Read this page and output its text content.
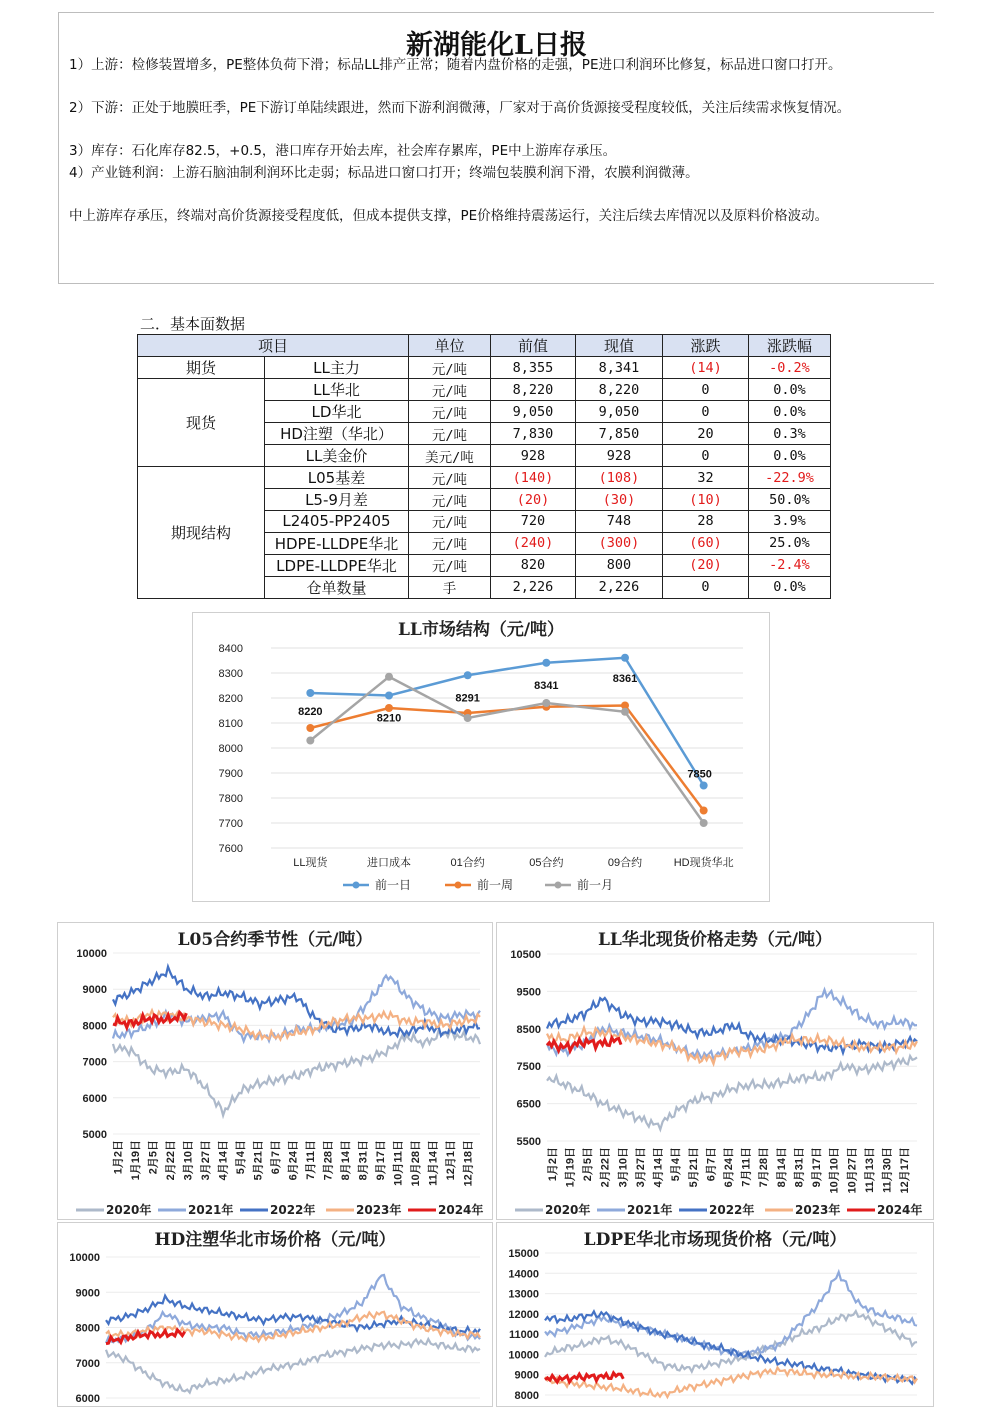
新湖能化L日报
1）上游：检修装置增多，PE整体负荷下滑；标品LL排产正常；随着内盘价格的走强，PE进口利润环比修复，标品进口窗口打开。
2）下游：正处于地膜旺季，PE下游订单陆续跟进，然而下游利润微薄，厂家对于高价货源接受程度较低，关注后续需求恢复情况。
3）库存：石化库存82.5，+0.5，港口库存开始去库，社会库存累库，PE中上游库存承压。
4）产业链利润：上游石脑油制利润环比走弱；标品进口窗口打开；终端包装膜利润下滑，农膜利润微薄。
中上游库存承压，终端对高价货源接受程度低，但成本提供支撑，PE价格维持震荡运行，关注后续去库情况以及原料价格波动。
二．基本面数据
项目		单位	前值	现值	涨跌	涨跌幅
期货	LL主力	元/吨	8,355	8,341	(14)	-0.2%
现货	LL华北	元/吨	8,220	8,220	0	0.0%
	LD华北	元/吨	9,050	9,050	0	0.0%
	HD注塑（华北）	元/吨	7,830	7,850	20	0.3%
	LL美金价	美元/吨	928	928	0	0.0%
期现结构	L05基差	元/吨	(140)	(108)	32	-22.9%
	L5-9月差	元/吨	(20)	(30)	(10)	50.0%
	L2405-PP2405	元/吨	720	748	28	3.9%
	HDPE-LLDPE华北	元/吨	(240)	(300)	(60)	25.0%
	LDPE-LLDPE华北	元/吨	820	800	(20)	-2.4%
	仓单数量	手	2,226	2,226	0	0.0%
LL市场结构（元/吨）
7600
7700
7800
7900
8000
8100
8200
8300
8400
LL现货	进口成本	01合约	05合约	09合约	HD现货华北
8220
8210
8291
8341
8361
7850
前一日	前一周	前一月
L05合约季节性（元/吨）
5000
6000
7000
8000
9000
10000
1月2日 1月19日 2月5日 2月22日 3月10日 3月27日 4月14日 5月4日 5月21日 6月7日 6月24日 7月11日 7月28日 8月14日 8月31日 9月17日 10月11日 10月28日 11月14日 12月1日 12月18日
2020年	2021年	2022年	2023年	2024年
LL华北现货价格走势（元/吨）
5500
6500
7500
8500
9500
10500
1月2日 1月19日 2月5日 2月22日 3月10日 3月27日 4月14日 5月4日 5月21日 6月7日 6月24日 7月11日 7月28日 8月14日 8月31日 9月17日 10月10日 10月27日 11月13日 11月30日 12月17日
2020年	2021年	2022年	2023年	2024年
HD注塑华北市场价格（元/吨）
6000
7000
8000
9000
10000
LDPE华北市场现货价格（元/吨）
8000
9000
10000
11000
12000
13000
14000
15000
